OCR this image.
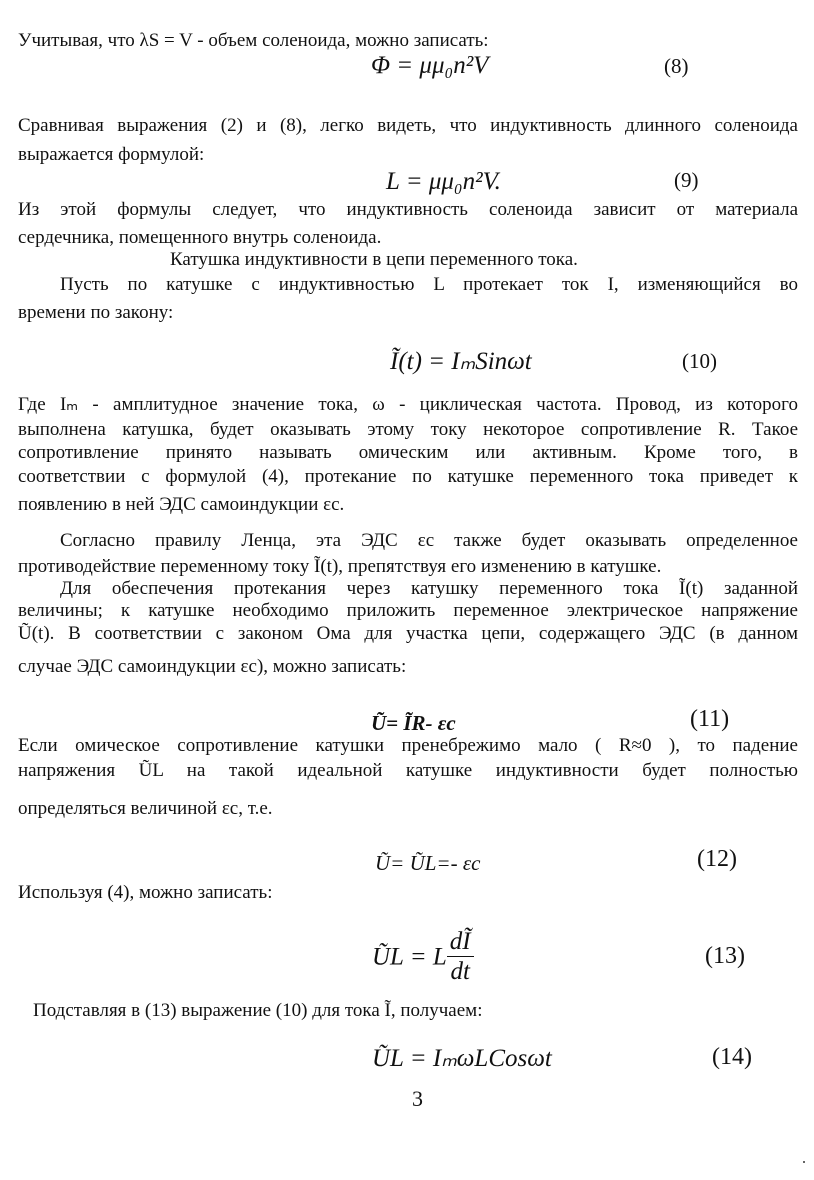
Учитывая, что λS = V - объем соленоида, можно записать:
Φ = μμ₀n²V	(8)
Сравнивая выражения (2) и (8), легко видеть, что индуктивность длинного соленоида
выражается формулой:
L = μμ₀n²V.	(9)
Из этой формулы следует, что индуктивность соленоида зависит от материала
сердечника, помещенного внутрь соленоида.
Катушка индуктивности в цепи переменного тока.
Пусть по катушке с индуктивностью L протекает ток I, изменяющийся во
времени по закону:
Ĩ(t) = IₘSinωt	(10)
Где Iₘ - амплитудное значение тока, ω - циклическая частота. Провод, из которого
выполнена катушка, будет оказывать этому току некоторое сопротивление R. Такое
сопротивление принято называть омическим или активным. Кроме того, в
соответствии с формулой (4), протекание по катушке переменного тока приведет к
появлению в ней ЭДС самоиндукции εс.
Согласно правилу Ленца, эта ЭДС εс также будет оказывать определенное
противодействие переменному току Ĩ(t), препятствуя его изменению в катушке.
Для обеспечения протекания через катушку переменного тока Ĩ(t) заданной
величины; к катушке необходимо приложить переменное электрическое напряжение
Ũ(t). В соответствии с законом Ома для участка цепи, содержащего ЭДС (в данном
случае ЭДС самоиндукции εс), можно записать:
Ũ= ĨR- εс	(11)
Если омическое сопротивление катушки пренебрежимо мало ( R≈0 ), то падение
напряжения ŨL на такой идеальной катушке индуктивности будет полностью
определяться величиной εс, т.е.
Ũ= ŨL=- εс	(12)
Используя (4), можно записать:
ŨL = L $\frac{dĨ}{dt}$	(13)
Подставляя в (13) выражение (10) для тока Ĩ, получаем:
ŨL = IₘωLCosωt	(14)
3
